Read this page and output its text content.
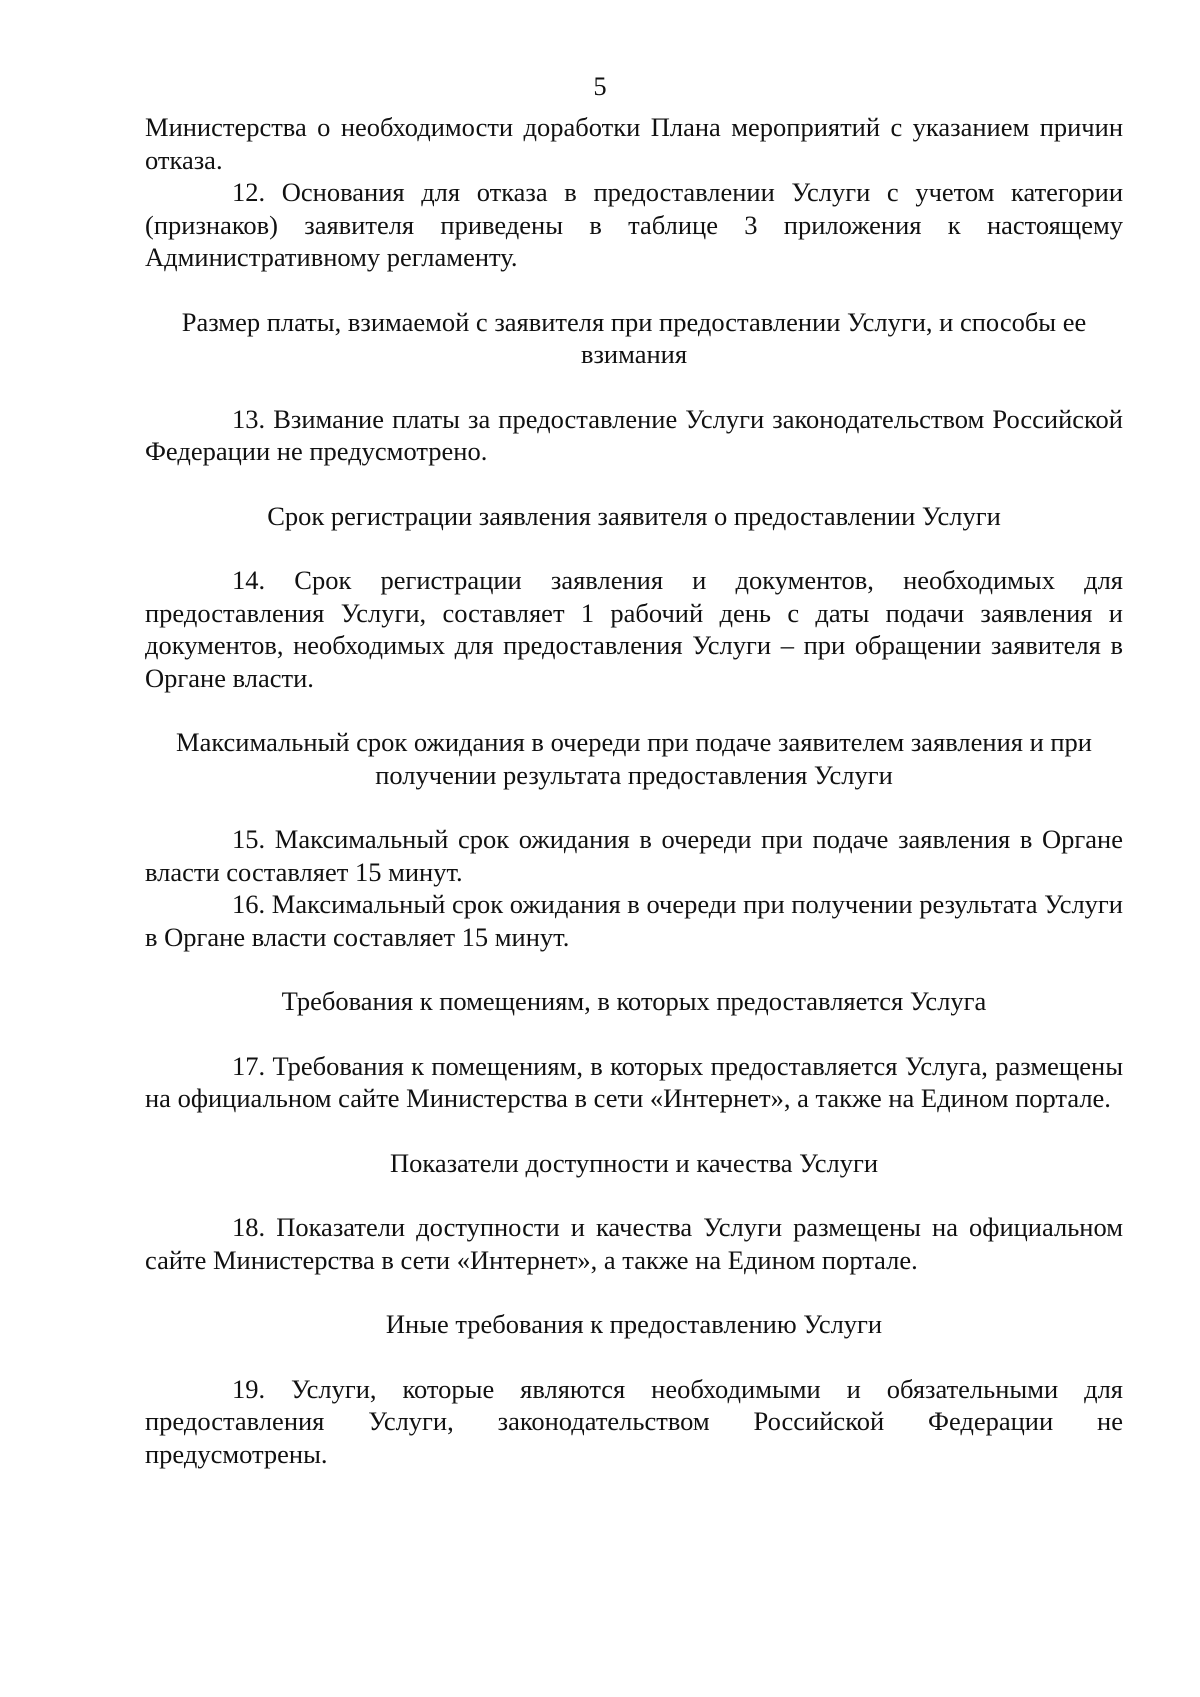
5

Министерства о необходимости доработки Плана мероприятий с указанием причин отказа.

12. Основания для отказа в предоставлении Услуги с учетом категории (признаков) заявителя приведены в таблице 3 приложения к настоящему Административному регламенту.

Размер платы, взимаемой с заявителя при предоставлении Услуги, и способы ее взимания

13. Взимание платы за предоставление Услуги законодательством Российской Федерации не предусмотрено.

Срок регистрации заявления заявителя о предоставлении Услуги

14. Срок регистрации заявления и документов, необходимых для предоставления Услуги, составляет 1 рабочий день с даты подачи заявления и документов, необходимых для предоставления Услуги – при обращении заявителя в Органе власти.

Максимальный срок ожидания в очереди при подаче заявителем заявления и при получении результата предоставления Услуги

15. Максимальный срок ожидания в очереди при подаче заявления в Органе власти составляет 15 минут.

16. Максимальный срок ожидания в очереди при получении результата Услуги в Органе власти составляет 15 минут.

Требования к помещениям, в которых предоставляется Услуга

17. Требования к помещениям, в которых предоставляется Услуга, размещены на официальном сайте Министерства в сети «Интернет», а также на Едином портале.

Показатели доступности и качества Услуги

18. Показатели доступности и качества Услуги размещены на официальном сайте Министерства в сети «Интернет», а также на Едином портале.

Иные требования к предоставлению Услуги

19. Услуги, которые являются необходимыми и обязательными для предоставления Услуги, законодательством Российской Федерации не предусмотрены.
